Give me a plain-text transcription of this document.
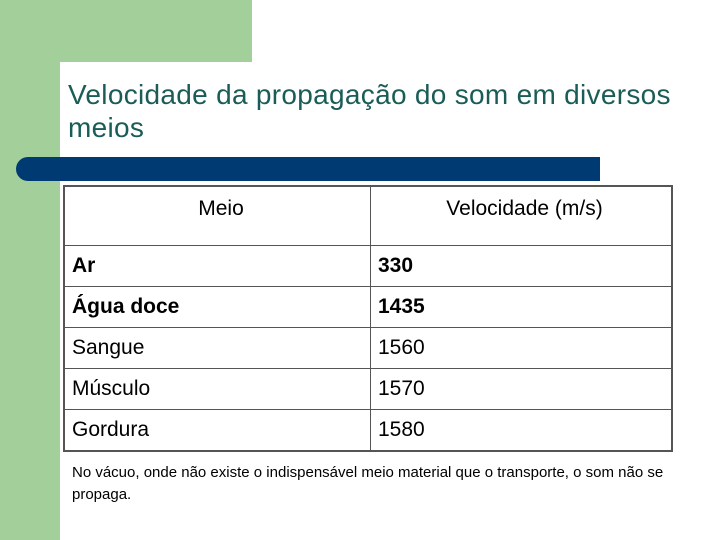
Velocidade da propagação do som em diversos meios
Meio	Velocidade (m/s)
Ar	330
Água doce	1435
Sangue	1560
Músculo	1570
Gordura	1580

No vácuo, onde não existe o indispensável meio material que o transporte, o som não se propaga.
